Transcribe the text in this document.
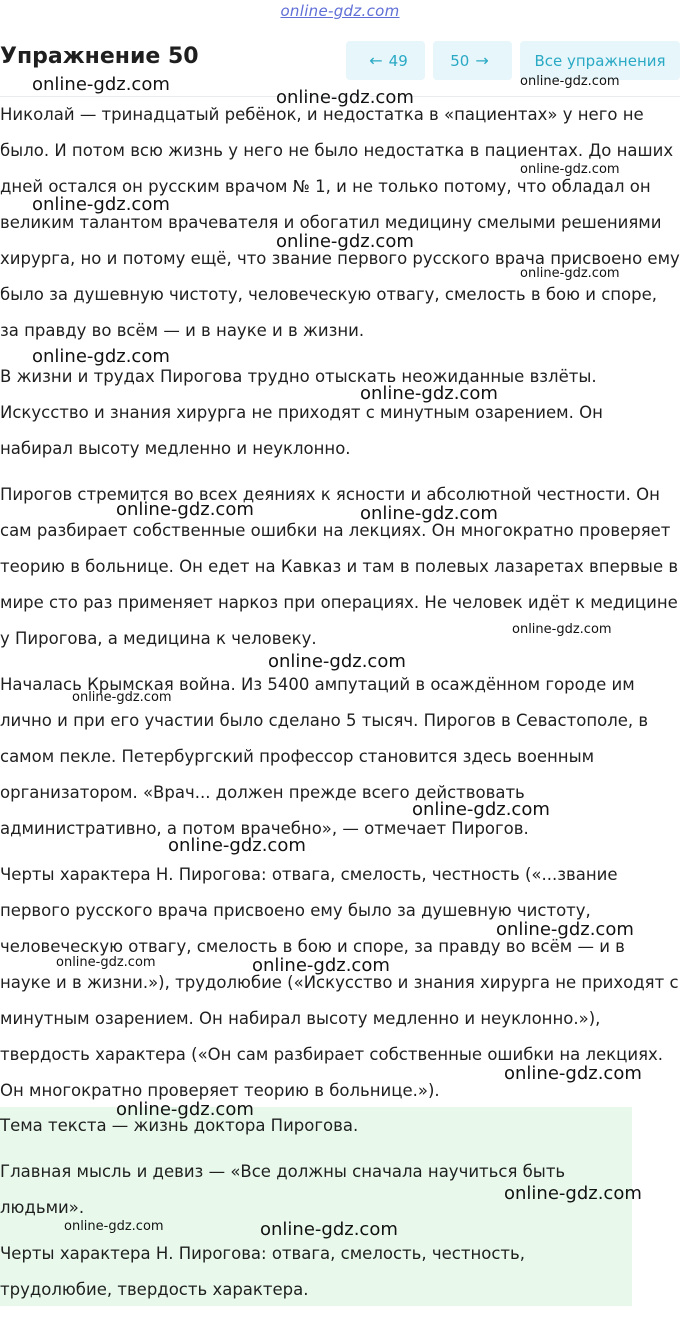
online-gdz.com
Упражнение 50	← 49	50 →	Все упражнения

Николай — тринадцатый ребёнок, и недостатка в «пациентах» у него не было. И потом всю жизнь у него не было недостатка в пациентах. До наших дней остался он русским врачом № 1, и не только потому, что обладал он великим талантом врачевателя и обогатил медицину смелыми решениями хирурга, но и потому ещё, что звание первого русского врача присвоено ему было за душевную чистоту, человеческую отвагу, смелость в бою и споре, за правду во всём — и в науке и в жизни.

В жизни и трудах Пирогова трудно отыскать неожиданные взлёты. Искусство и знания хирурга не приходят с минутным озарением. Он набирал высоту медленно и неуклонно.

Пирогов стремится во всех деяниях к ясности и абсолютной честности. Он сам разбирает собственные ошибки на лекциях. Он многократно проверяет теорию в больнице. Он едет на Кавказ и там в полевых лазаретах впервые в мире сто раз применяет наркоз при операциях. Не человек идёт к медицине у Пирогова, а медицина к человеку.

Началась Крымская война. Из 5400 ампутаций в осаждённом городе им лично и при его участии было сделано 5 тысяч. Пирогов в Севастополе, в самом пекле. Петербургский профессор становится здесь военным организатором. «Врач... должен прежде всего действовать административно, а потом врачебно», — отмечает Пирогов.

Черты характера Н. Пирогова: отвага, смелость, честность («...звание первого русского врача присвоено ему было за душевную чистоту, человеческую отвагу, смелость в бою и споре, за правду во всём — и в науке и в жизни.»), трудолюбие («Искусство и знания хирурга не приходят с минутным озарением. Он набирал высоту медленно и неуклонно.»), твердость характера («Он сам разбирает собственные ошибки на лекциях. Он многократно проверяет теорию в больнице.»).

Тема текста — жизнь доктора Пирогова.

Главная мысль и девиз — «Все должны сначала научиться быть людьми».

Черты характера Н. Пирогова: отвага, смелость, честность, трудолюбие, твердость характера.

online-gdz.com	online-gdz.com
online-gdz.com
online-gdz.com
online-gdz.com
online-gdz.com
online-gdz.com
online-gdz.com
online-gdz.com
online-gdz.com	online-gdz.com
online-gdz.com
online-gdz.com
online-gdz.com
online-gdz.com
online-gdz.com
online-gdz.com
online-gdz.com	online-gdz.com
online-gdz.com
online-gdz.com
online-gdz.com
online-gdz.com	online-gdz.com
